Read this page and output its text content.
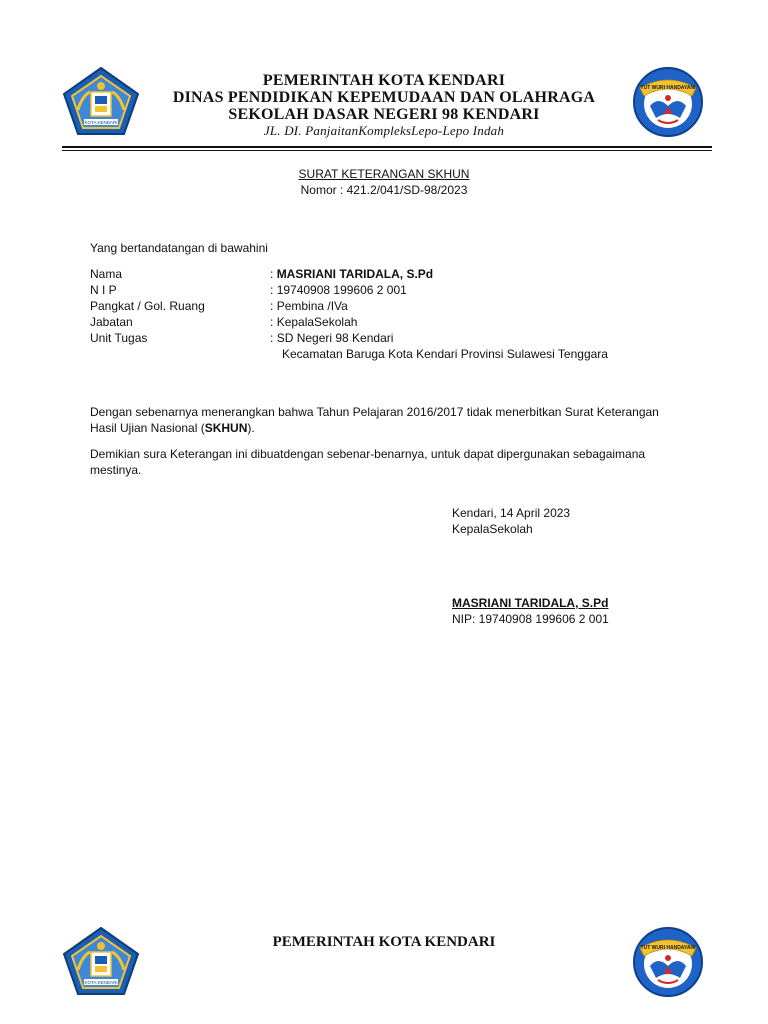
KOTA KENDARI
PEMERINTAH KOTA KENDARI
DINAS PENDIDIKAN KEPEMUDAAN DAN OLAHRAGA
SEKOLAH DASAR NEGERI 98 KENDARI
JL. DI. PanjaitanKompleksLepo-Lepo Indah
TUT WURI HANDAYANI
SURAT KETERANGAN SKHUN
Nomor : 421.2/041/SD-98/2023
Yang bertandatangan di bawahini
Nama	: MASRIANI TARIDALA, S.Pd
N I P	: 19740908 199606 2 001
Pangkat / Gol. Ruang	: Pembina /IVa
Jabatan	: KepalaSekolah
Unit Tugas	: SD Negeri 98 Kendari
Kecamatan Baruga Kota Kendari Provinsi Sulawesi Tenggara
Dengan sebenarnya menerangkan bahwa Tahun Pelajaran 2016/2017 tidak menerbitkan Surat Keterangan
Hasil Ujian Nasional (SKHUN).
Demikian sura Keterangan ini dibuatdengan sebenar-benarnya, untuk dapat dipergunakan sebagaimana
mestinya.
Kendari, 14 April 2023
KepalaSekolah
MASRIANI TARIDALA, S.Pd
NIP: 19740908 199606 2 001
KOTA KENDARI
PEMERINTAH KOTA KENDARI	TUT WURI HANDAYANI
